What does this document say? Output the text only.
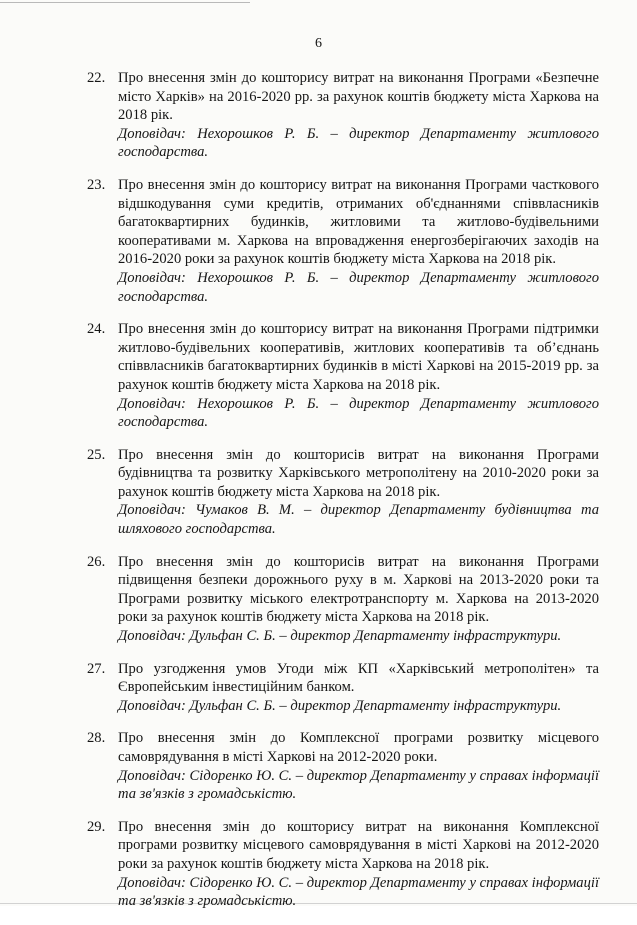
6
22. Про внесення змін до кошторису витрат на виконання Програми «Безпечне місто Харків» на 2016-2020 рр. за рахунок коштів бюджету міста Харкова на 2018 рік.
Доповідач: Нехорошков Р. Б. – директор Департаменту житлового господарства.
23. Про внесення змін до кошторису витрат на виконання Програми часткового відшкодування суми кредитів, отриманих об'єднаннями співвласників багатоквартирних будинків, житловими та житлово-будівельними кооперативами м. Харкова на впровадження енергозберігаючих заходів на 2016-2020 роки за рахунок коштів бюджету міста Харкова на 2018 рік.
Доповідач: Нехорошков Р. Б. – директор Департаменту житлового господарства.
24. Про внесення змін до кошторису витрат на виконання Програми підтримки житлово-будівельних кооперативів, житлових кооперативів та об’єднань співвласників багатоквартирних будинків в місті Харкові на 2015-2019 рр. за рахунок коштів бюджету міста Харкова на 2018 рік.
Доповідач: Нехорошков Р. Б. – директор Департаменту житлового господарства.
25. Про внесення змін до кошторисів витрат на виконання Програми будівництва та розвитку Харківського метрополітену на 2010-2020 роки за рахунок коштів бюджету міста Харкова на 2018 рік.
Доповідач: Чумаков В. М. – директор Департаменту будівництва та шляхового господарства.
26. Про внесення змін до кошторисів витрат на виконання Програми підвищення безпеки дорожнього руху в м. Харкові на 2013-2020 роки та Програми розвитку міського електротранспорту м. Харкова на 2013-2020 роки за рахунок коштів бюджету міста Харкова на 2018 рік.
Доповідач: Дульфан С. Б. – директор Департаменту інфраструктури.
27. Про узгодження умов Угоди між КП «Харківський метрополітен» та Європейським інвестиційним банком.
Доповідач: Дульфан С. Б. – директор Департаменту інфраструктури.
28. Про внесення змін до Комплексної програми розвитку місцевого самоврядування в місті Харкові на 2012-2020 роки.
Доповідач: Сідоренко Ю. С. – директор Департаменту у справах інформації та зв'язків з громадськістю.
29. Про внесення змін до кошторису витрат на виконання Комплексної програми розвитку місцевого самоврядування в місті Харкові на 2012-2020 роки за рахунок коштів бюджету міста Харкова на 2018 рік.
Доповідач: Сідоренко Ю. С. – директор Департаменту у справах інформації та зв'язків з громадськістю.
